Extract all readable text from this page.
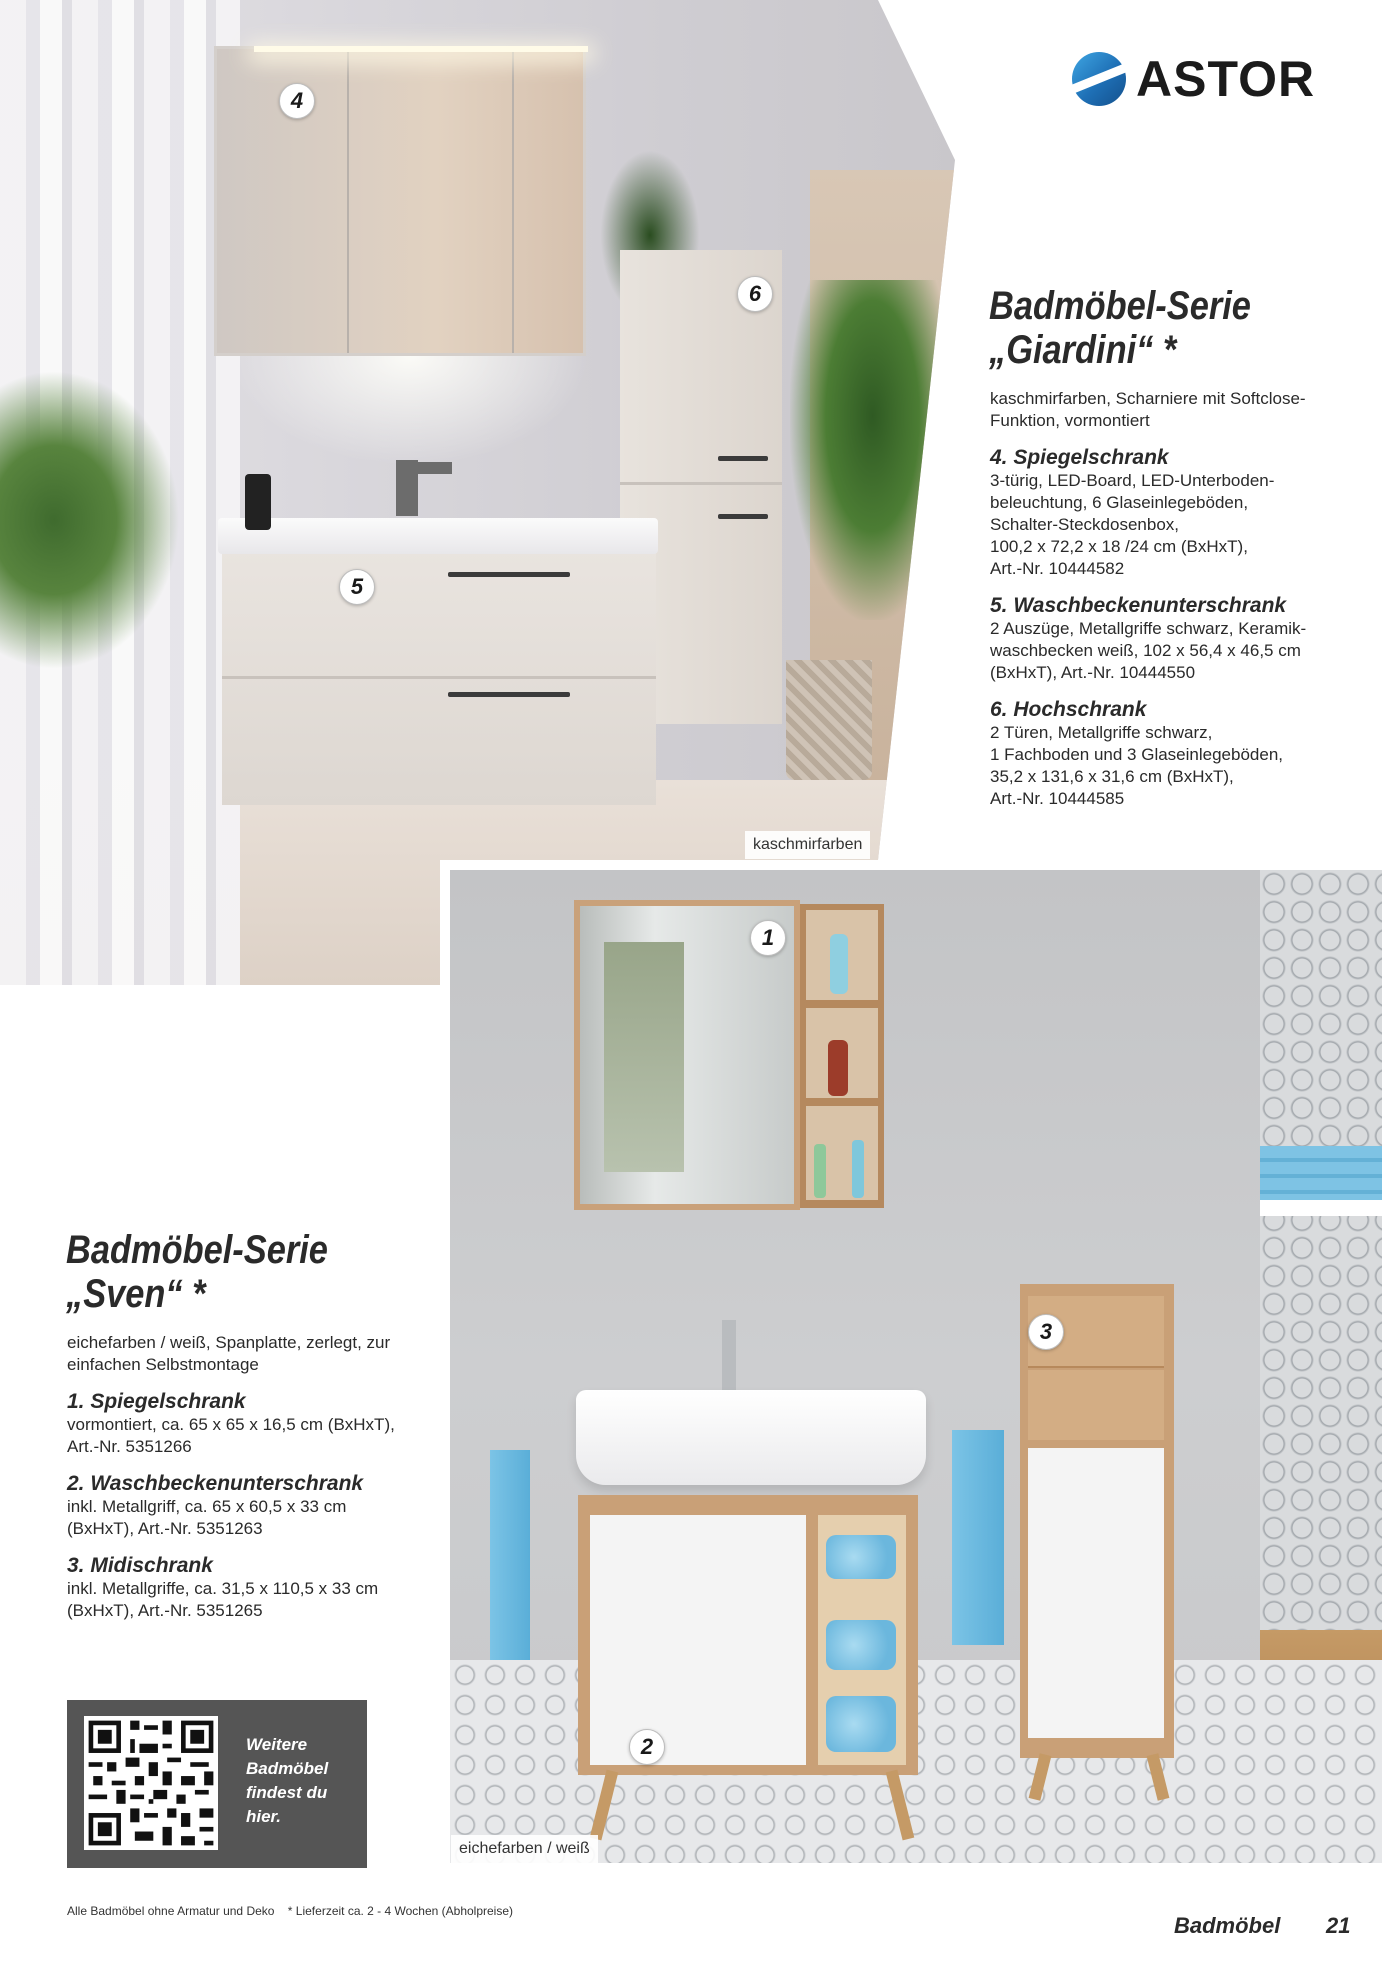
4
5
6
kaschmirfarben
ASTOR
Badmöbel-Serie
„Giardini“ *
kaschmirfarben, Scharniere mit Softclose-
Funktion, vormontiert
4. Spiegelschrank
3-türig, LED-Board, LED-Unterboden-
beleuchtung, 6 Glaseinlegeböden,
Schalter-Steckdosenbox,
100,2 x 72,2 x 18 /24 cm (BxHxT),
Art.-Nr. 10444582
5. Waschbeckenunterschrank
2 Auszüge, Metallgriffe schwarz, Keramik-
waschbecken weiß, 102 x 56,4 x 46,5 cm
(BxHxT), Art.-Nr. 10444550
6. Hochschrank
2 Türen, Metallgriffe schwarz,
1 Fachboden und 3 Glaseinlegeböden,
35,2 x 131,6 x 31,6 cm (BxHxT),
Art.-Nr. 10444585
1
2
3
eichefarben / weiß
Badmöbel-Serie
„Sven“ *
eichefarben / weiß, Spanplatte, zerlegt, zur
einfachen Selbstmontage
1. Spiegelschrank
vormontiert, ca. 65 x 65 x 16,5 cm (BxHxT),
Art.-Nr. 5351266
2. Waschbeckenunterschrank
inkl. Metallgriff, ca. 65 x 60,5 x 33 cm
(BxHxT), Art.-Nr. 5351263
3. Midischrank
inkl. Metallgriffe, ca. 31,5 x 110,5 x 33 cm
(BxHxT), Art.-Nr. 5351265
Weitere
Badmöbel
findest du
hier.
Alle Badmöbel ohne Armatur und Deko    * Lieferzeit ca. 2 - 4 Wochen (Abholpreise)
Badmöbel 21
